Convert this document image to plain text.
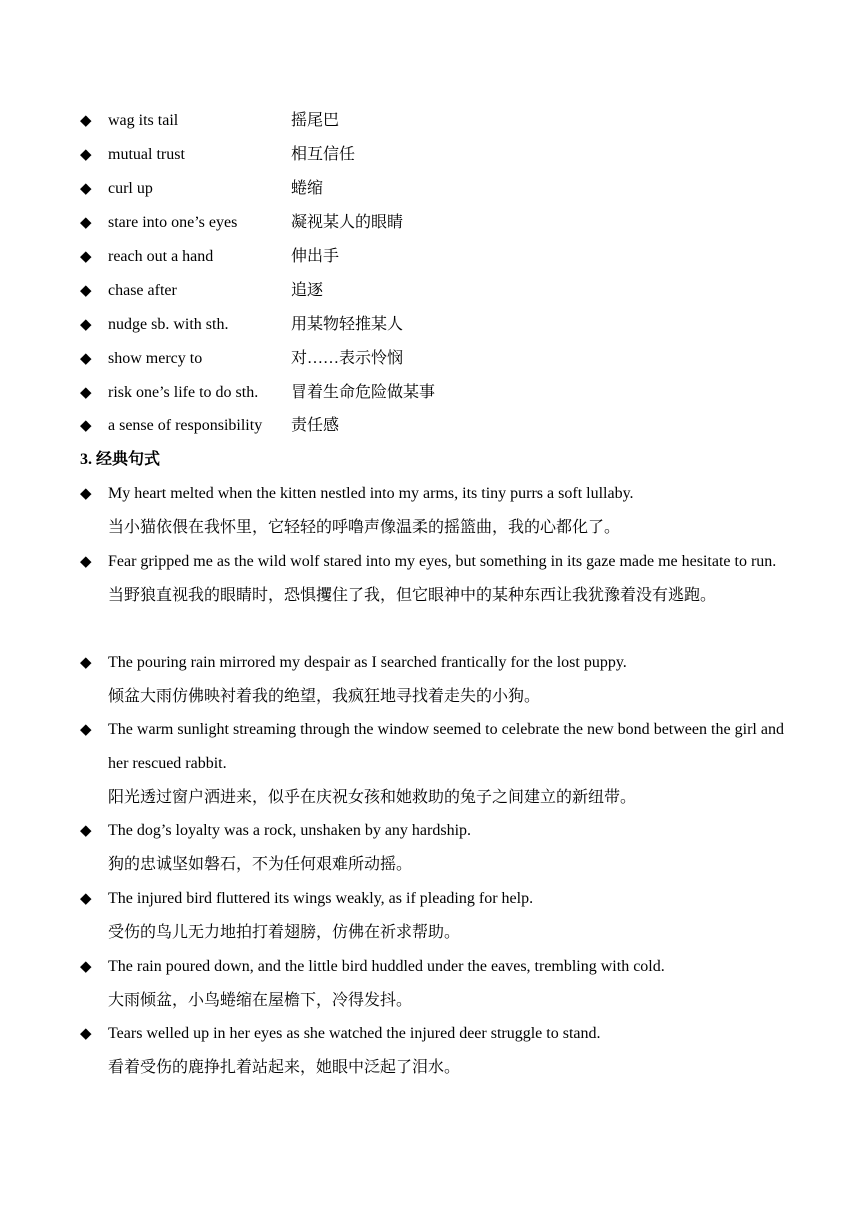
◆ wag its tail	摇尾巴
◆ mutual trust	相互信任
◆ curl up	蜷缩
◆ stare into one’s eyes	凝视某人的眼睛
◆ reach out a hand	伸出手
◆ chase after	追逐
◆ nudge sb. with sth.	用某物轻推某人
◆ show mercy to	对……表示怜悯
◆ risk one’s life to do sth. 冒着生命危险做某事
◆ a sense of responsibility 责任感
3. 经典句式
◆ My heart melted when the kitten nestled into my arms, its tiny purrs a soft lullaby.
当小猫依偎在我怀里，它轻轻的呼噜声像温柔的摇篮曲，我的心都化了。
◆ Fear gripped me as the wild wolf stared into my eyes, but something in its gaze made me hesitate to run.
当野狼直视我的眼睛时，恐惧攫住了我，但它眼神中的某种东西让我犹豫着没有逃跑。
◆ The pouring rain mirrored my despair as I searched frantically for the lost puppy.
倾盆大雨仿佛映衬着我的绝望，我疯狂地寻找着走失的小狗。
◆ The warm sunlight streaming through the window seemed to celebrate the new bond between the girl and her rescued rabbit.
阳光透过窗户洒进来，似乎在庆祝女孩和她救助的兔子之间建立的新纽带。
◆ The dog’s loyalty was a rock, unshaken by any hardship.
狗的忠诚坚如磐石，不为任何艰难所动摇。
◆ The injured bird fluttered its wings weakly, as if pleading for help.
受伤的鸟儿无力地拍打着翅膀，仿佛在祈求帮助。
◆ The rain poured down, and the little bird huddled under the eaves, trembling with cold.
大雨倾盆，小鸟蜷缩在屋檐下，冷得发抖。
◆ Tears welled up in her eyes as she watched the injured deer struggle to stand.
看着受伤的鹿挣扎着站起来，她眼中泛起了泪水。
